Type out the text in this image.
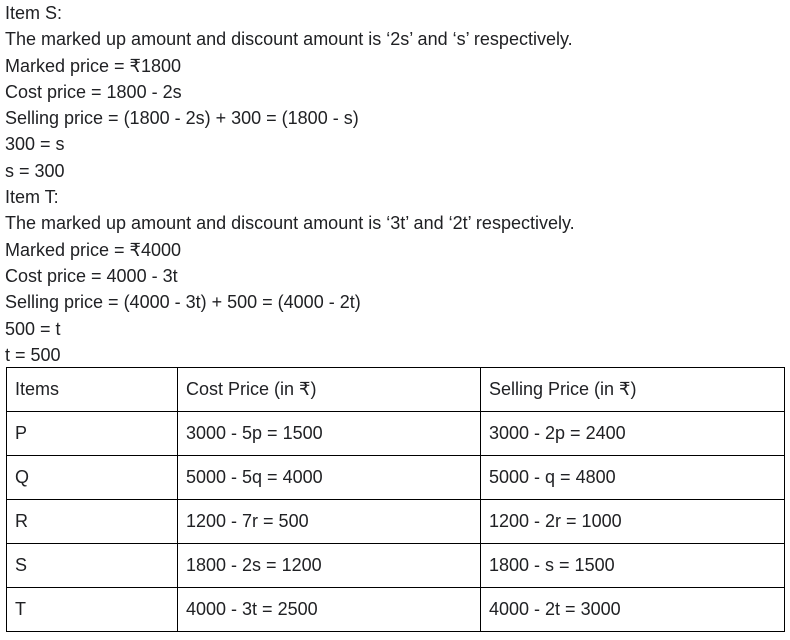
Item S:
The marked up amount and discount amount is ‘2s’ and ‘s’ respectively.
Marked price = ₹1800
Cost price = 1800 - 2s
Selling price = (1800 - 2s) + 300 = (1800 - s)
300 = s
s = 300
Item T:
The marked up amount and discount amount is ‘3t’ and ‘2t’ respectively.
Marked price = ₹4000
Cost price = 4000 - 3t
Selling price = (4000 - 3t) + 500 = (4000 - 2t)
500 = t
t = 500
Items	Cost Price (in ₹)	Selling Price (in ₹)
P	3000 - 5p = 1500	3000 - 2p = 2400
Q	5000 - 5q = 4000	5000 - q = 4800
R	1200 - 7r = 500	1200 - 2r = 1000
S	1800 - 2s = 1200	1800 - s = 1500
T	4000 - 3t = 2500	4000 - 2t = 3000
